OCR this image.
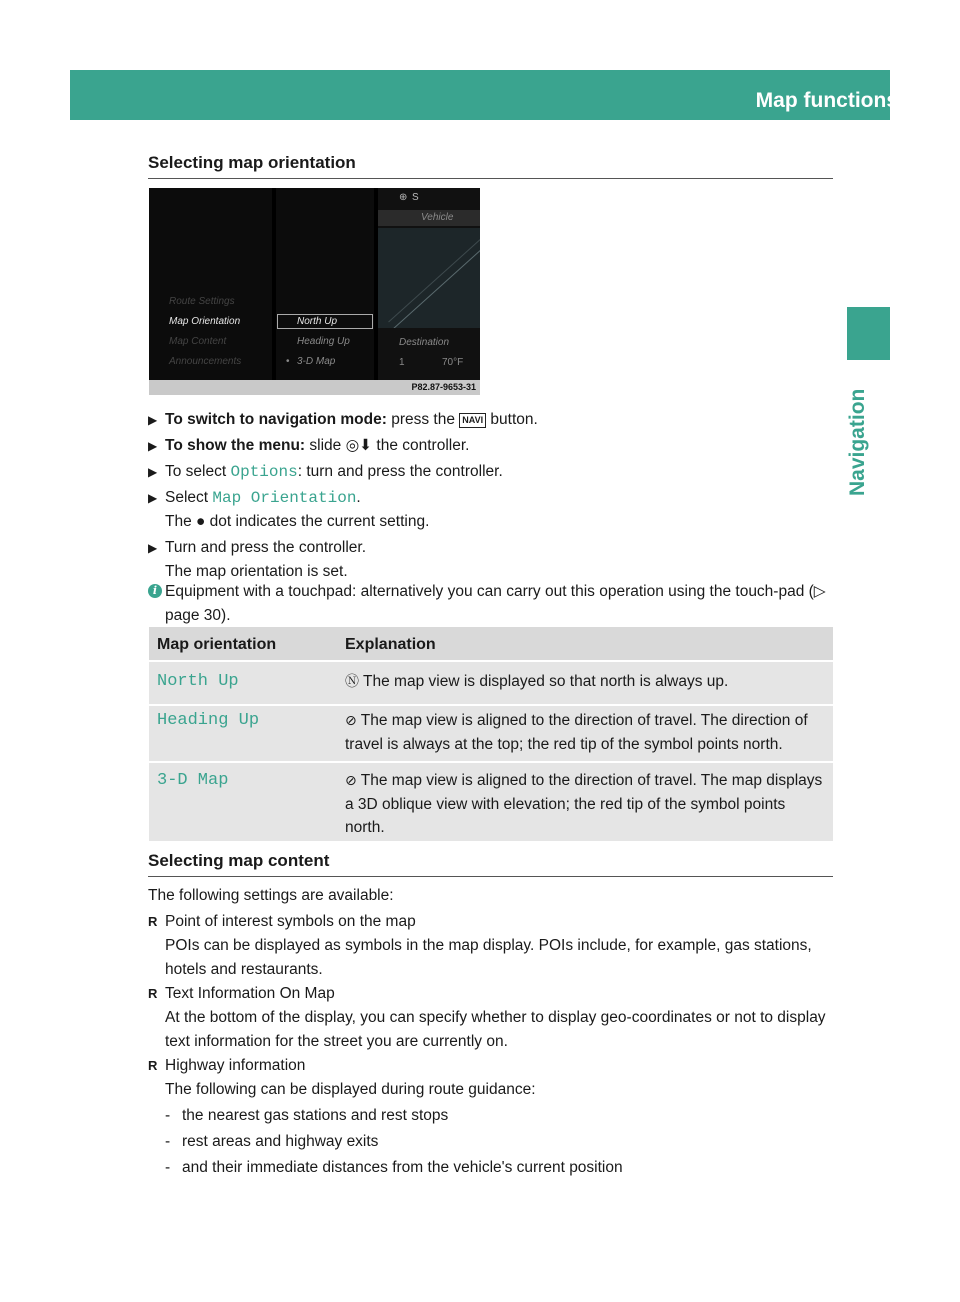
Map functions	121
Navigation
Selecting map orientation
⊕ S
Vehicle
Route Settings
Map Orientation
Map Content
Announcements
North Up
Heading Up
• 3-D Map
Destination
1	70°F
P82.87-9653-31
▶ To switch to navigation mode: press the NAVI button.
▶ To show the menu: slide ◎⬇ the controller.
▶ To select Options: turn and press the controller.
▶ Select Map Orientation.
The ● dot indicates the current setting.
▶ Turn and press the controller.
The map orientation is set.
i Equipment with a touchpad: alternatively you can carry out this operation using the touch-pad (▷ page 30).
Map orientation	Explanation
North Up	Ⓝ The map view is displayed so that north is always up.
Heading Up	⊘ The map view is aligned to the direction of travel. The direction of travel is always at the top; the red tip of the symbol points north.
3-D Map	⊘ The map view is aligned to the direction of travel. The map displays a 3D oblique view with elevation; the red tip of the symbol points north.
Selecting map content

The following settings are available:

R Point of interest symbols on the map
POIs can be displayed as symbols in the map display. POIs include, for example, gas stations, hotels and restaurants.
R Text Information On Map
At the bottom of the display, you can specify whether to display geo-coordinates or not to display text information for the street you are currently on.
R Highway information
The following can be displayed during route guidance:
- the nearest gas stations and rest stops
- rest areas and highway exits
- and their immediate distances from the vehicle's current position
